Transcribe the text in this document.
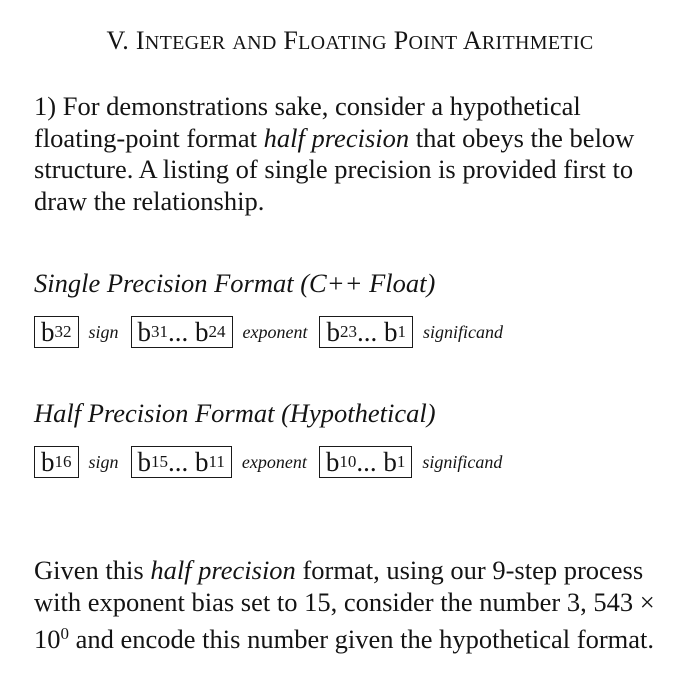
V. INTEGER AND FLOATING POINT ARITHMETIC
1) For demonstrations sake, consider a hypothetical floating-point format half precision that obeys the below structure. A listing of single precision is provided first to draw the relationship.
Single Precision Format (C++ Float)
b 32 sign b 31 ... b 24 exponent b 23 ... b 1 significand
Half Precision Format (Hypothetical)
b 16 sign b 15 ... b 11 exponent b 10 ... b 1 significand
Given this half precision format, using our 9-step process with exponent bias set to 15, consider the number 3, $543 \times 10^0$ and encode this number given the hypothetical format.
